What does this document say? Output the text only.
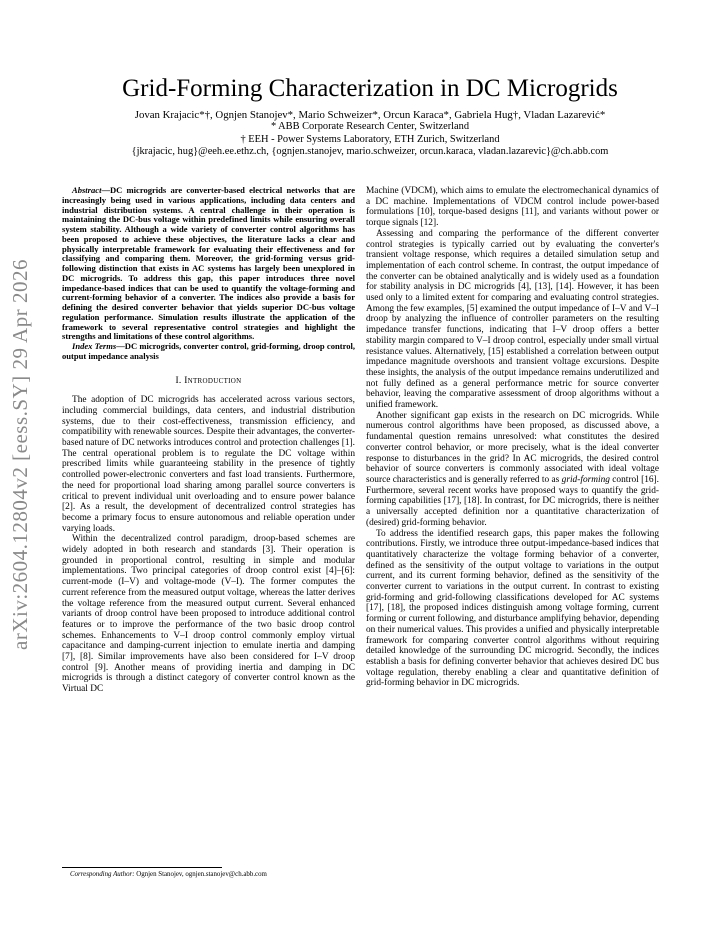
arXiv:2604.12804v2 [eess.SY] 29 Apr 2026
Grid-Forming Characterization in DC Microgrids
Jovan Krajacic*†, Ognjen Stanojev*, Mario Schweizer*, Orcun Karaca*, Gabriela Hug†, Vladan Lazarević*
* ABB Corporate Research Center, Switzerland
† EEH - Power Systems Laboratory, ETH Zurich, Switzerland
{jkrajacic, hug}@eeh.ee.ethz.ch, {ognjen.stanojev, mario.schweizer, orcun.karaca, vladan.lazarevic}@ch.abb.com

Abstract—DC microgrids are converter-based electrical networks that are increasingly being used in various applications, including data centers and industrial distribution systems. A central challenge in their operation is maintaining the DC-bus voltage within predefined limits while ensuring overall system stability. Although a wide variety of converter control algorithms has been proposed to achieve these objectives, the literature lacks a clear and physically interpretable framework for evaluating their effectiveness and for classifying and comparing them. Moreover, the grid-forming versus grid-following distinction that exists in AC systems has largely been unexplored in DC microgrids. To address this gap, this paper introduces three novel impedance-based indices that can be used to quantify the voltage-forming and current-forming behavior of a converter. The indices also provide a basis for defining the desired converter behavior that yields superior DC-bus voltage regulation performance. Simulation results illustrate the application of the framework to several representative control strategies and highlight the strengths and limitations of these control algorithms.

Index Terms—DC microgrids, converter control, grid-forming, droop control, output impedance analysis

I. Introduction

The adoption of DC microgrids has accelerated across various sectors, including commercial buildings, data centers, and industrial distribution systems, due to their cost-effectiveness, transmission efficiency, and compatibility with renewable sources. Despite their advantages, the converter-based nature of DC networks introduces control and protection challenges [1]. The central operational problem is to regulate the DC voltage within prescribed limits while guaranteeing stability in the presence of tightly controlled power-electronic converters and fast load transients. Furthermore, the need for proportional load sharing among parallel source converters is critical to prevent individual unit overloading and to ensure power balance [2]. As a result, the development of decentralized control strategies has become a primary focus to ensure autonomous and reliable operation under varying loads.

Within the decentralized control paradigm, droop-based schemes are widely adopted in both research and standards [3]. Their operation is grounded in proportional control, resulting in simple and modular implementations. Two principal categories of droop control exist [4]–[6]: current-mode (I–V) and voltage-mode (V–I). The former computes the current reference from the measured output voltage, whereas the latter derives the voltage reference from the measured output current. Several enhanced variants of droop control have been proposed to introduce additional control features or to improve the performance of the two basic droop control schemes. Enhancements to V–I droop control commonly employ virtual capacitance and damping-current injection to emulate inertia and damping [7], [8]. Similar improvements have also been considered for I–V droop control [9]. Another means of providing inertia and damping in DC microgrids is through a distinct category of converter control known as the Virtual DC

Machine (VDCM), which aims to emulate the electromechanical dynamics of a DC machine. Implementations of VDCM control include power-based formulations [10], torque-based designs [11], and variants without power or torque signals [12].

Assessing and comparing the performance of the different converter control strategies is typically carried out by evaluating the converter's transient voltage response, which requires a detailed simulation setup and implementation of each control scheme. In contrast, the output impedance of the converter can be obtained analytically and is widely used as a foundation for stability analysis in DC microgrids [4], [13], [14]. However, it has been used only to a limited extent for comparing and evaluating control strategies. Among the few examples, [5] examined the output impedance of I–V and V–I droop by analyzing the influence of controller parameters on the resulting impedance transfer functions, indicating that I–V droop offers a better stability margin compared to V–I droop control, especially under small virtual resistance values. Alternatively, [15] established a correlation between output impedance magnitude overshoots and transient voltage excursions. Despite these insights, the analysis of the output impedance remains underutilized and not fully defined as a general performance metric for source converter behavior, leaving the comparative assessment of droop algorithms without a unified framework.

Another significant gap exists in the research on DC microgrids. While numerous control algorithms have been proposed, as discussed above, a fundamental question remains unresolved: what constitutes the desired converter control behavior, or more precisely, what is the ideal converter response to disturbances in the grid? In AC microgrids, the desired control behavior of source converters is commonly associated with ideal voltage source characteristics and is generally referred to as grid-forming control [16]. Furthermore, several recent works have proposed ways to quantify the grid-forming capabilities [17], [18]. In contrast, for DC microgrids, there is neither a universally accepted definition nor a quantitative characterization of (desired) grid-forming behavior.

To address the identified research gaps, this paper makes the following contributions. Firstly, we introduce three output-impedance-based indices that quantitatively characterize the voltage forming behavior of a converter, defined as the sensitivity of the output voltage to variations in the output current, and its current forming behavior, defined as the sensitivity of the converter current to variations in the output current. In contrast to existing grid-forming and grid-following classifications developed for AC systems [17], [18], the proposed indices distinguish among voltage forming, current forming or current following, and disturbance amplifying behavior, depending on their numerical values. This provides a unified and physically interpretable framework for comparing converter control algorithms without requiring detailed knowledge of the surrounding DC microgrid. Secondly, the indices establish a basis for defining converter behavior that achieves desired DC bus voltage regulation, thereby enabling a clear and quantitative definition of grid-forming behavior in DC microgrids.

Corresponding Author: Ognjen Stanojev, ognjen.stanojev@ch.abb.com
